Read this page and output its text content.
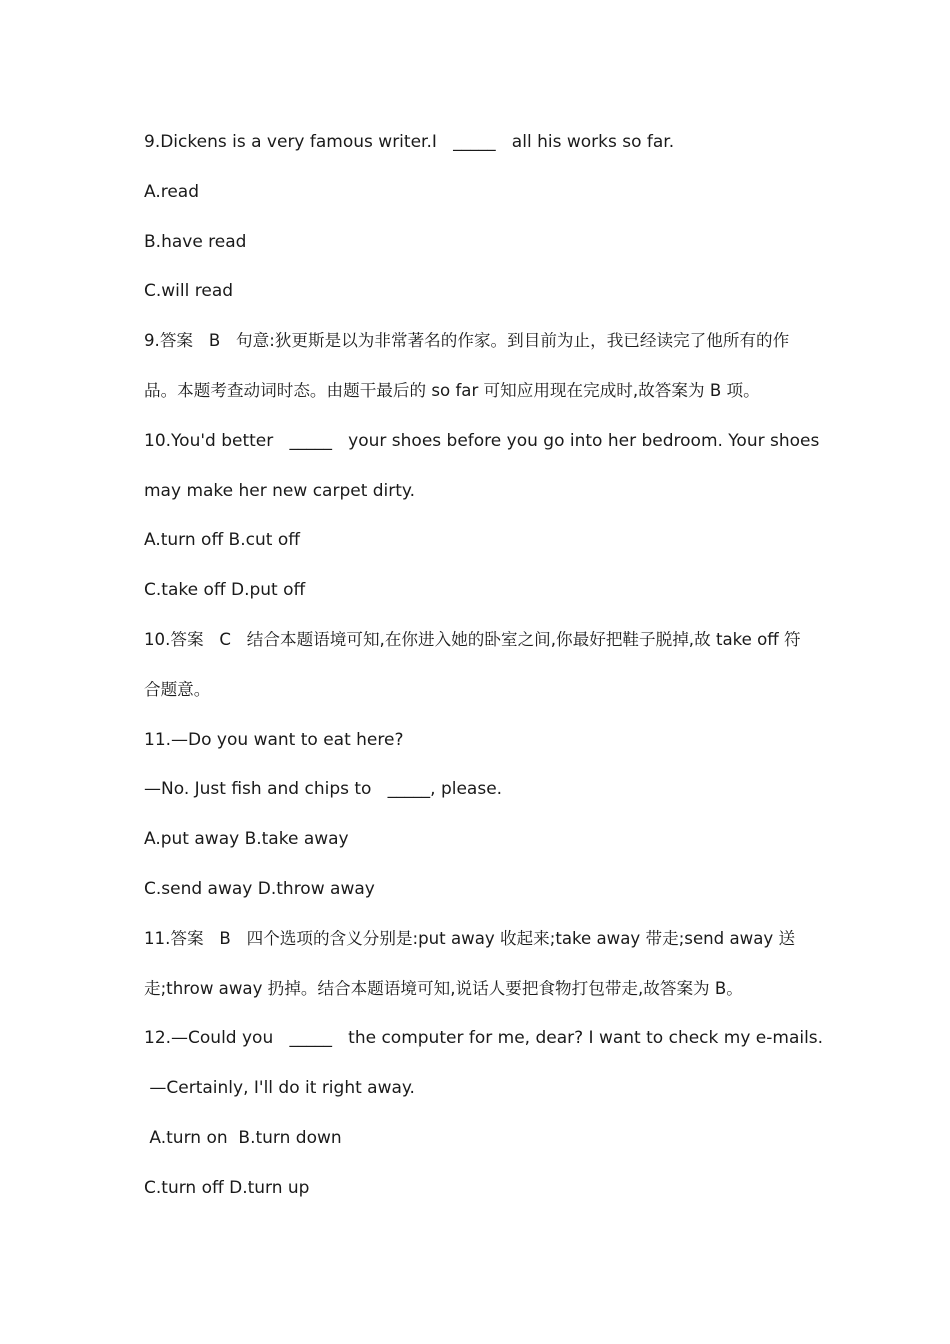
9.Dickens is a very famous writer.I   _____   all his works so far.
A.read
B.have read
C.will read
9.答案   B   句意:狄更斯是以为非常著名的作家。到目前为止，我已经读完了他所有的作
品。本题考查动词时态。由题干最后的 so far 可知应用现在完成时,故答案为 B 项。
10.You'd better   _____   your shoes before you go into her bedroom. Your shoes
may make her new carpet dirty.
A.turn off B.cut off
C.take off D.put off
10.答案   C   结合本题语境可知,在你进入她的卧室之间,你最好把鞋子脱掉,故 take off 符
合题意。
11.—Do you want to eat here?
—No. Just fish and chips to   _____, please.
A.put away B.take away
C.send away D.throw away
11.答案   B   四个选项的含义分别是:put away 收起来;take away 带走;send away 送
走;throw away 扔掉。结合本题语境可知,说话人要把食物打包带走,故答案为 B。
12.—Could you   _____   the computer for me, dear? I want to check my e-mails.
—Certainly, I'll do it right away.
A.turn on  B.turn down
C.turn off D.turn up
